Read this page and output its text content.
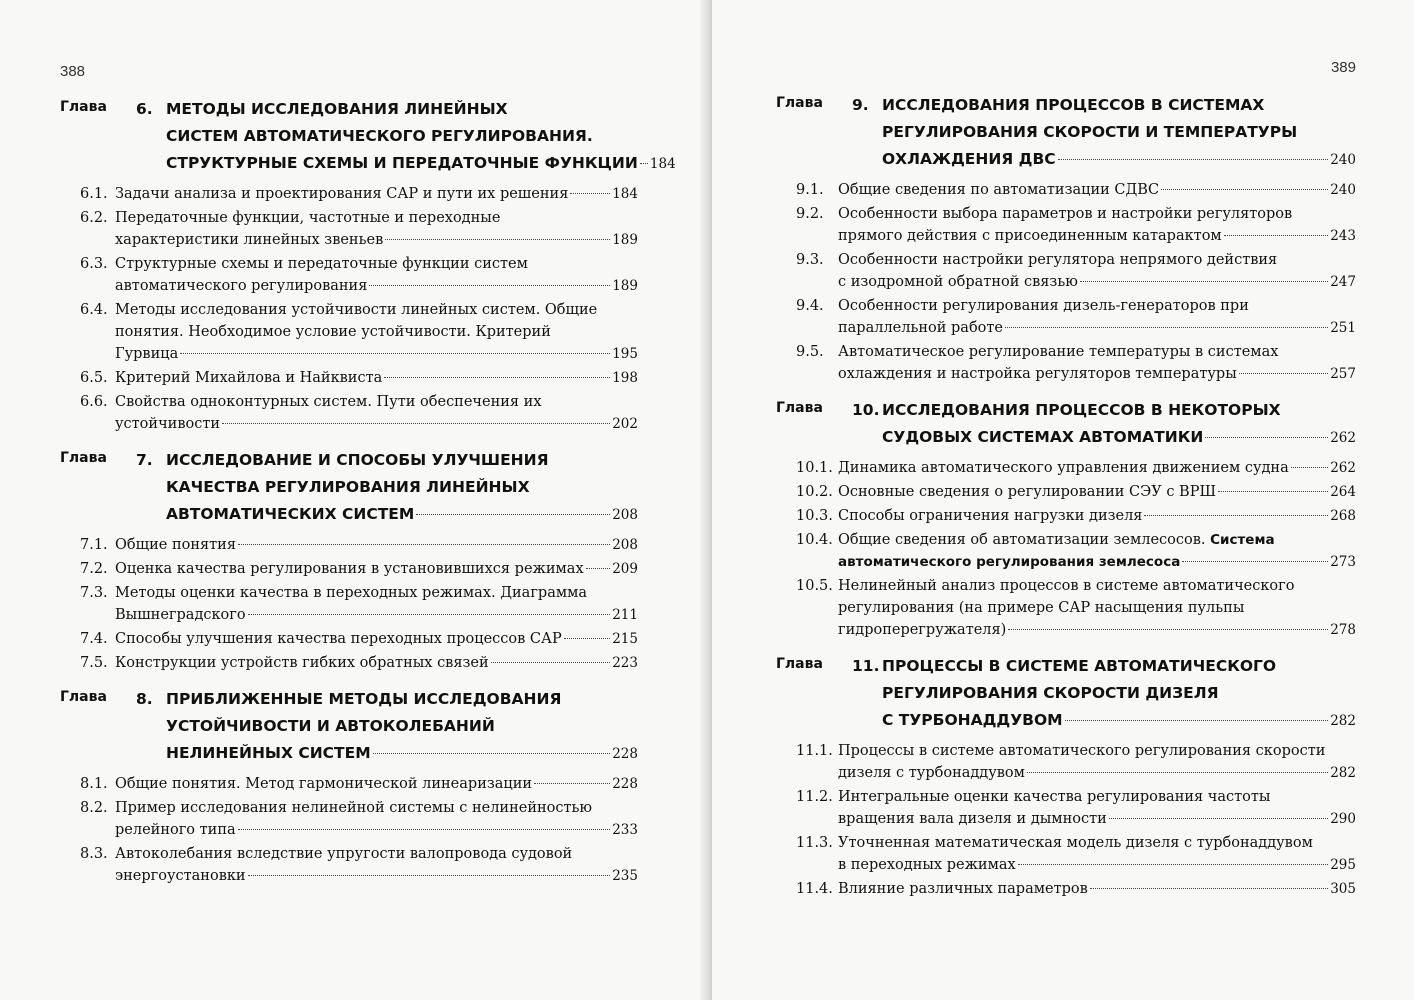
388
Глава	6. МЕТОДЫ ИССЛЕДОВАНИЯ ЛИНЕЙНЫХ
СИСТЕМ АВТОМАТИЧЕСКОГО РЕГУЛИРОВАНИЯ.
СТРУКТУРНЫЕ СХЕМЫ И ПЕРЕДАТОЧНЫЕ ФУНКЦИИ 184
6.1. Задачи анализа и проектирования САР и пути их решения	184
6.2. Передаточные функции, частотные и переходные
характеристики линейных звеньев	189
6.3. Структурные схемы и передаточные функции систем
автоматического регулирования	189
6.4. Методы исследования устойчивости линейных систем. Общие
понятия. Необходимое условие устойчивости. Критерий
Гурвица	195
6.5. Критерий Михайлова и Найквиста	198
6.6. Свойства одноконтурных систем. Пути обеспечения их
устойчивости	202
Глава	7. ИССЛЕДОВАНИЕ И СПОСОБЫ УЛУЧШЕНИЯ
КАЧЕСТВА РЕГУЛИРОВАНИЯ ЛИНЕЙНЫХ
АВТОМАТИЧЕСКИХ СИСТЕМ	208
7.1. Общие понятия	208
7.2. Оценка качества регулирования в установившихся режимах 209
7.3. Методы оценки качества в переходных режимах. Диаграмма
Вышнеградского	211
7.4. Способы улучшения качества переходных процессов САР	215
7.5. Конструкции устройств гибких обратных связей	223
Глава	8. ПРИБЛИЖЕННЫЕ МЕТОДЫ ИССЛЕДОВАНИЯ
УСТОЙЧИВОСТИ И АВТОКОЛЕБАНИЙ
НЕЛИНЕЙНЫХ СИСТЕМ	228
8.1. Общие понятия. Метод гармонической линеаризации	228
8.2. Пример исследования нелинейной системы с нелинейностью
релейного типа	233
8.3. Автоколебания вследствие упругости валопровода судовой
энергоустановки	235
389
Глава	9. ИССЛЕДОВАНИЯ ПРОЦЕССОВ В СИСТЕМАХ
РЕГУЛИРОВАНИЯ СКОРОСТИ И ТЕМПЕРАТУРЫ
ОХЛАЖДЕНИЯ ДВС	240
9.1. Общие сведения по автоматизации СДВС	240
9.2. Особенности выбора параметров и настройки регуляторов
прямого действия с присоединенным катарактом	243
9.3. Особенности настройки регулятора непрямого действия
с изодромной обратной связью	247
9.4. Особенности регулирования дизель-генераторов при
параллельной работе	251
9.5. Автоматическое регулирование температуры в системах
охлаждения и настройка регуляторов температуры	257
Глава	10. ИССЛЕДОВАНИЯ ПРОЦЕССОВ В НЕКОТОРЫХ
СУДОВЫХ СИСТЕМАХ АВТОМАТИКИ	262
10.1. Динамика автоматического управления движением судна	262
10.2. Основные сведения о регулировании СЭУ с ВРШ	264
10.3. Способы ограничения нагрузки дизеля	268
10.4. Общие сведения об автоматизации землесосов. Система
автоматического регулирования землесоса	273
10.5. Нелинейный анализ процессов в системе автоматического
регулирования (на примере САР насыщения пульпы
гидроперегружателя)	278
Глава	11. ПРОЦЕССЫ В СИСТЕМЕ АВТОМАТИЧЕСКОГО
РЕГУЛИРОВАНИЯ СКОРОСТИ ДИЗЕЛЯ
С ТУРБОНАДДУВОМ	282
11.1. Процессы в системе автоматического регулирования скорости
дизеля с турбонаддувом	282
11.2. Интегральные оценки качества регулирования частоты
вращения вала дизеля и дымности	290
11.3. Уточненная математическая модель дизеля с турбонаддувом
в переходных режимах	295
11.4. Влияние различных параметров	305
